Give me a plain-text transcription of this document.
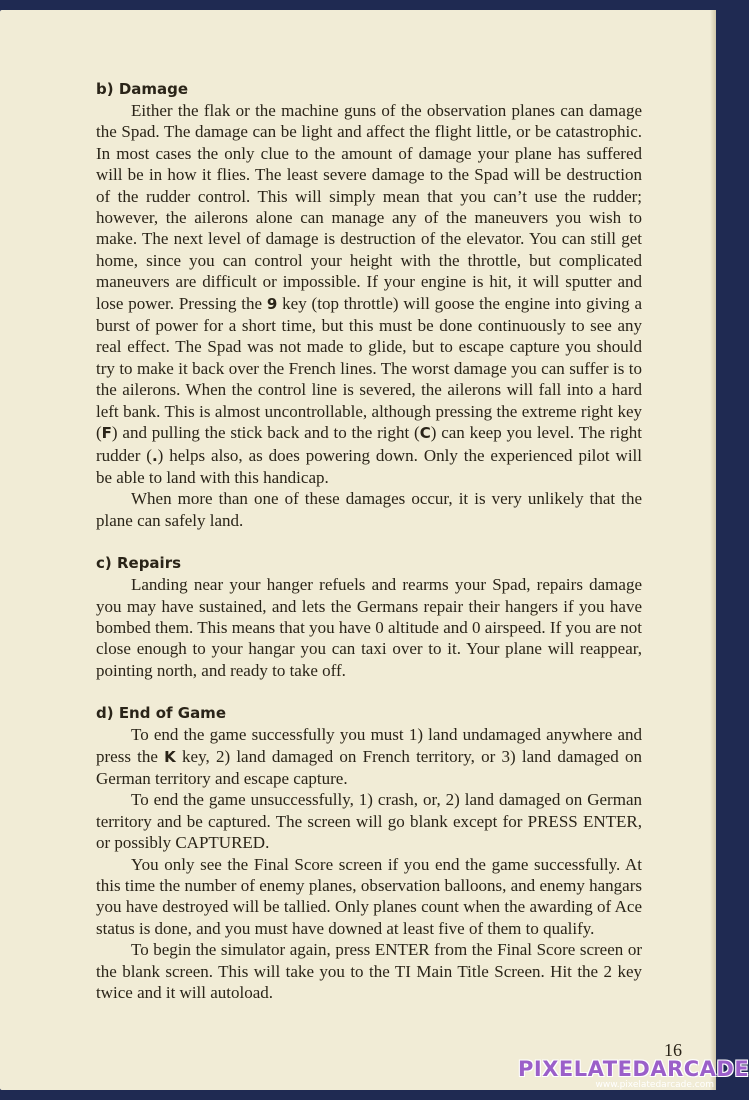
b) Damage

Either the flak or the machine guns of the observation planes can damage the Spad. The damage can be light and affect the flight little, or be catastrophic. In most cases the only clue to the amount of damage your plane has suffered will be in how it flies. The least severe damage to the Spad will be destruction of the rudder control. This will simply mean that you can’t use the rudder; however, the ailerons alone can manage any of the maneuvers you wish to make. The next level of damage is destruction of the elevator. You can still get home, since you can control your height with the throttle, but complicated maneuvers are difficult or impossible. If your engine is hit, it will sputter and lose power. Pressing the 9 key (top throttle) will goose the engine into giving a burst of power for a short time, but this must be done continuously to see any real effect. The Spad was not made to glide, but to escape capture you should try to make it back over the French lines. The worst damage you can suffer is to the ailerons. When the control line is severed, the ailerons will fall into a hard left bank. This is almost uncontrollable, although pressing the extreme right key (F) and pulling the stick back and to the right (C) can keep you level. The right rudder (.) helps also, as does powering down. Only the experienced pilot will be able to land with this handicap.

When more than one of these damages occur, it is very unlikely that the plane can safely land.

c) Repairs

Landing near your hanger refuels and rearms your Spad, repairs damage you may have sustained, and lets the Germans repair their hangers if you have bombed them. This means that you have 0 altitude and 0 airspeed. If you are not close enough to your hangar you can taxi over to it. Your plane will reappear, pointing north, and ready to take off.

d) End of Game

To end the game successfully you must 1) land undamaged anywhere and press the K key, 2) land damaged on French territory, or 3) land damaged on German territory and escape capture.

To end the game unsuccessfully, 1) crash, or, 2) land damaged on German territory and be captured. The screen will go blank except for PRESS ENTER, or possibly CAPTURED.

You only see the Final Score screen if you end the game successfully. At this time the number of enemy planes, observation balloons, and enemy hangars you have destroyed will be tallied. Only planes count when the awarding of Ace status is done, and you must have downed at least five of them to qualify.

To begin the simulator again, press ENTER from the Final Score screen or the blank screen. This will take you to the TI Main Title Screen. Hit the 2 key twice and it will autoload.

16
PIXELATEDARCADE
www.pixelatedarcade.com
